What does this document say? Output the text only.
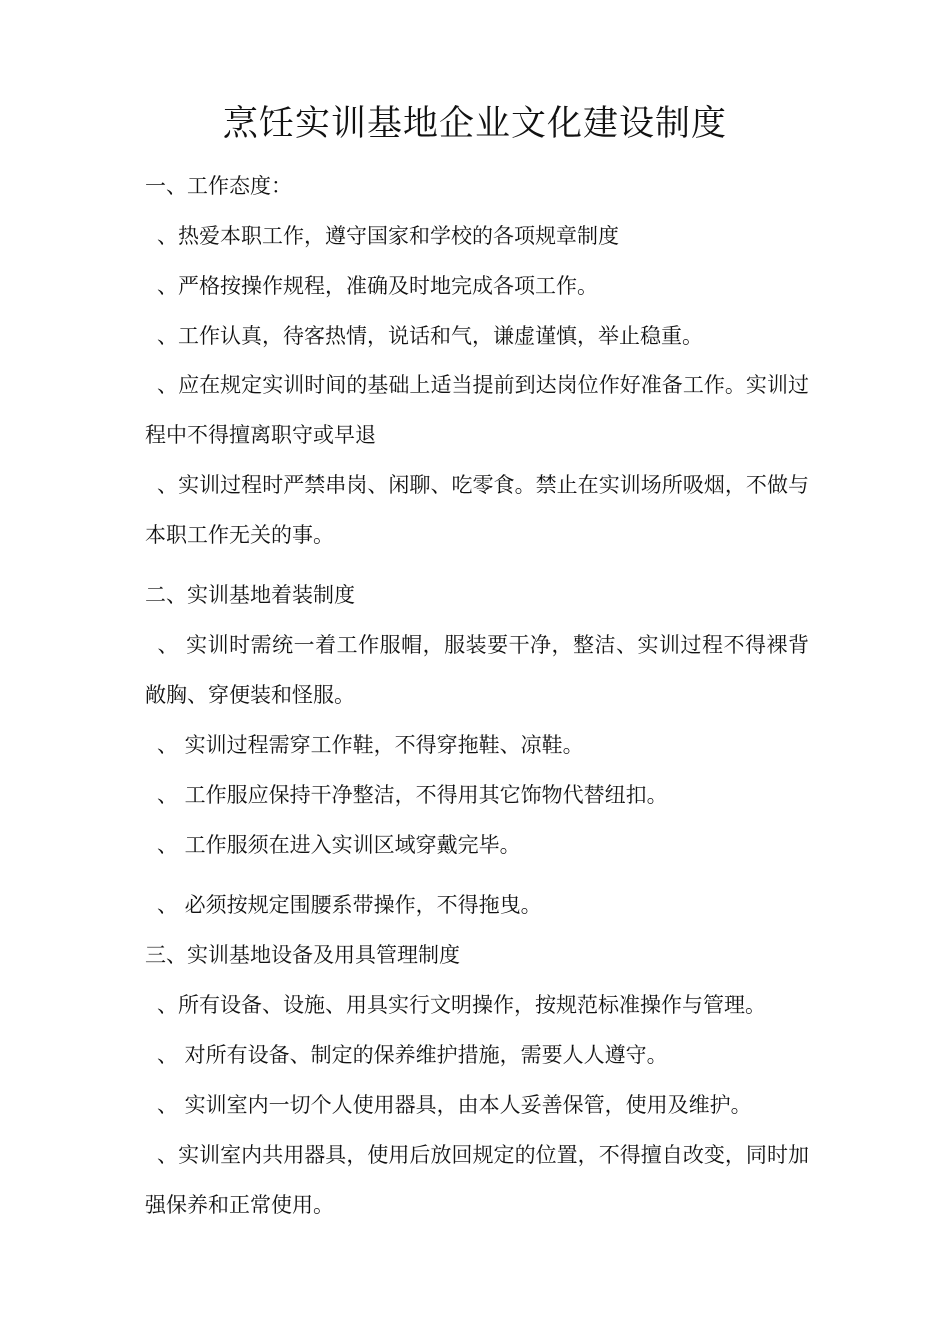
烹饪实训基地企业文化建设制度
一、工作态度：
、热爱本职工作，遵守国家和学校的各项规章制度
、严格按操作规程，准确及时地完成各项工作。
、工作认真，待客热情，说话和气，谦虚谨慎，举止稳重。
、应在规定实训时间的基础上适当提前到达岗位作好准备工作。实训过程中不得擅离职守或早退
、实训过程时严禁串岗、闲聊、吃零食。禁止在实训场所吸烟，不做与本职工作无关的事。
二、实训基地着装制度
、 实训时需统一着工作服帽，服装要干净，整洁、实训过程不得裸背敞胸、穿便装和怪服。
、 实训过程需穿工作鞋，不得穿拖鞋、凉鞋。
、 工作服应保持干净整洁，不得用其它饰物代替纽扣。
、 工作服须在进入实训区域穿戴完毕。
、 必须按规定围腰系带操作，不得拖曳。
三、实训基地设备及用具管理制度
、所有设备、设施、用具实行文明操作，按规范标准操作与管理。
、 对所有设备、制定的保养维护措施，需要人人遵守。
、 实训室内一切个人使用器具，由本人妥善保管，使用及维护。
、实训室内共用器具，使用后放回规定的位置，不得擅自改变，同时加强保养和正常使用。
